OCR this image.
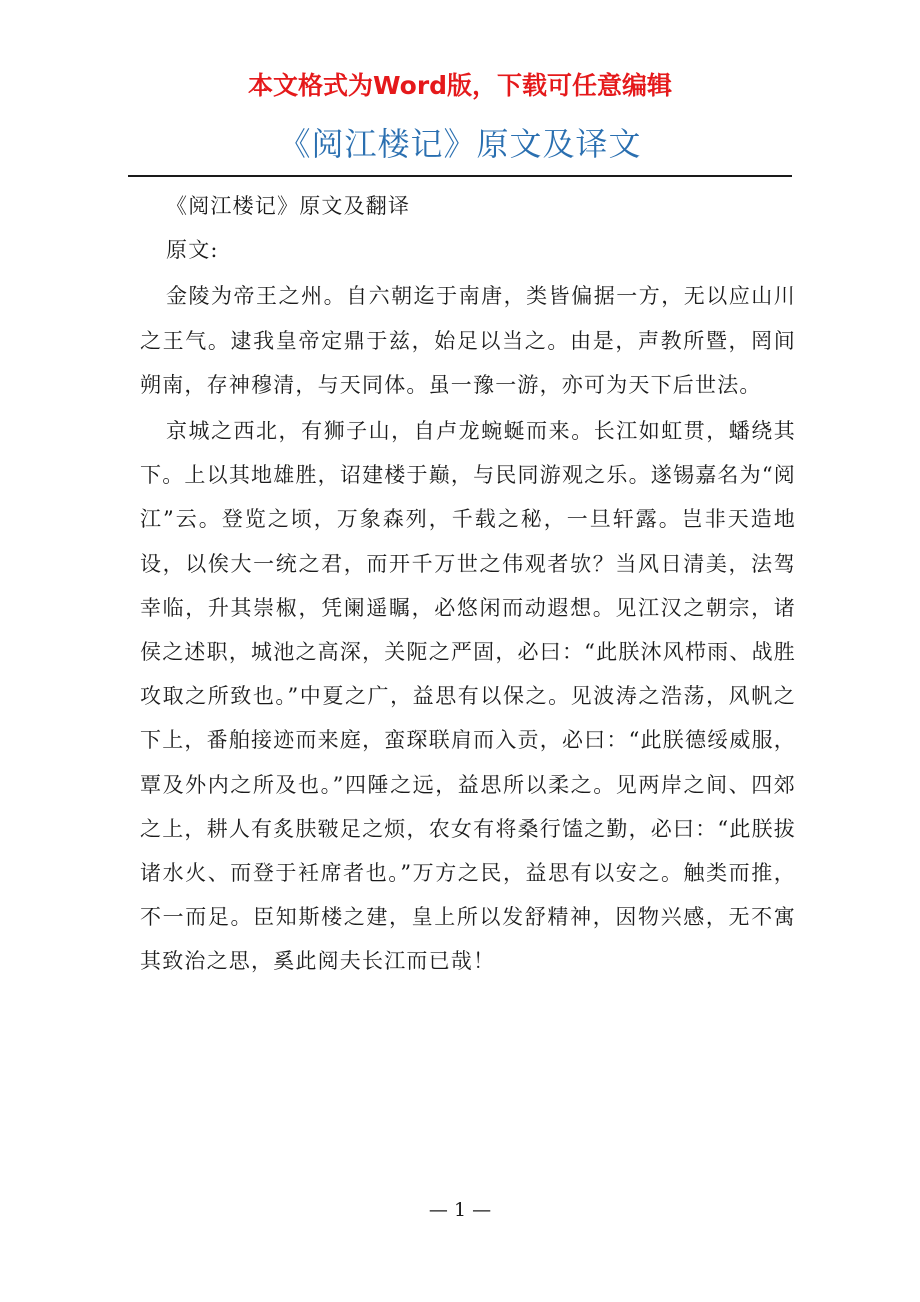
本文格式为Word版，下载可任意编辑
《阅江楼记》原文及译文

《阅江楼记》原文及翻译

原文:

金陵为帝王之州。自六朝迄于南唐，类皆偏据一方，无以应山川之王气。逮我皇帝定鼎于兹，始足以当之。由是，声教所暨，罔间朔南，存神穆清，与天同体。虽一豫一游，亦可为天下后世法。

京城之西北，有狮子山，自卢龙蜿蜒而来。长江如虹贯，蟠绕其下。上以其地雄胜，诏建楼于巅，与民同游观之乐。遂锡嘉名为“阅江”云。登览之顷，万象森列，千载之秘，一旦轩露。岂非天造地设，以俟大一统之君，而开千万世之伟观者欤？当风日清美，法驾幸临，升其崇椒，凭阑遥瞩，必悠闲而动遐想。见江汉之朝宗，诸侯之述职，城池之高深，关阨之严固，必曰：“此朕沐风栉雨、战胜攻取之所致也。”中夏之广，益思有以保之。见波涛之浩荡，风帆之下上，番舶接迹而来庭，蛮琛联肩而入贡，必曰：“此朕德绥威服，覃及外内之所及也。”四陲之远，益思所以柔之。见两岸之间、四郊之上，耕人有炙肤皲足之烦，农女有将桑行馌之勤，必曰：“此朕拔诸水火、而登于衽席者也。”万方之民，益思有以安之。触类而推，不一而足。臣知斯楼之建，皇上所以发舒精神，因物兴感，无不寓其致治之思，奚此阅夫长江而已哉！

— 1 —
